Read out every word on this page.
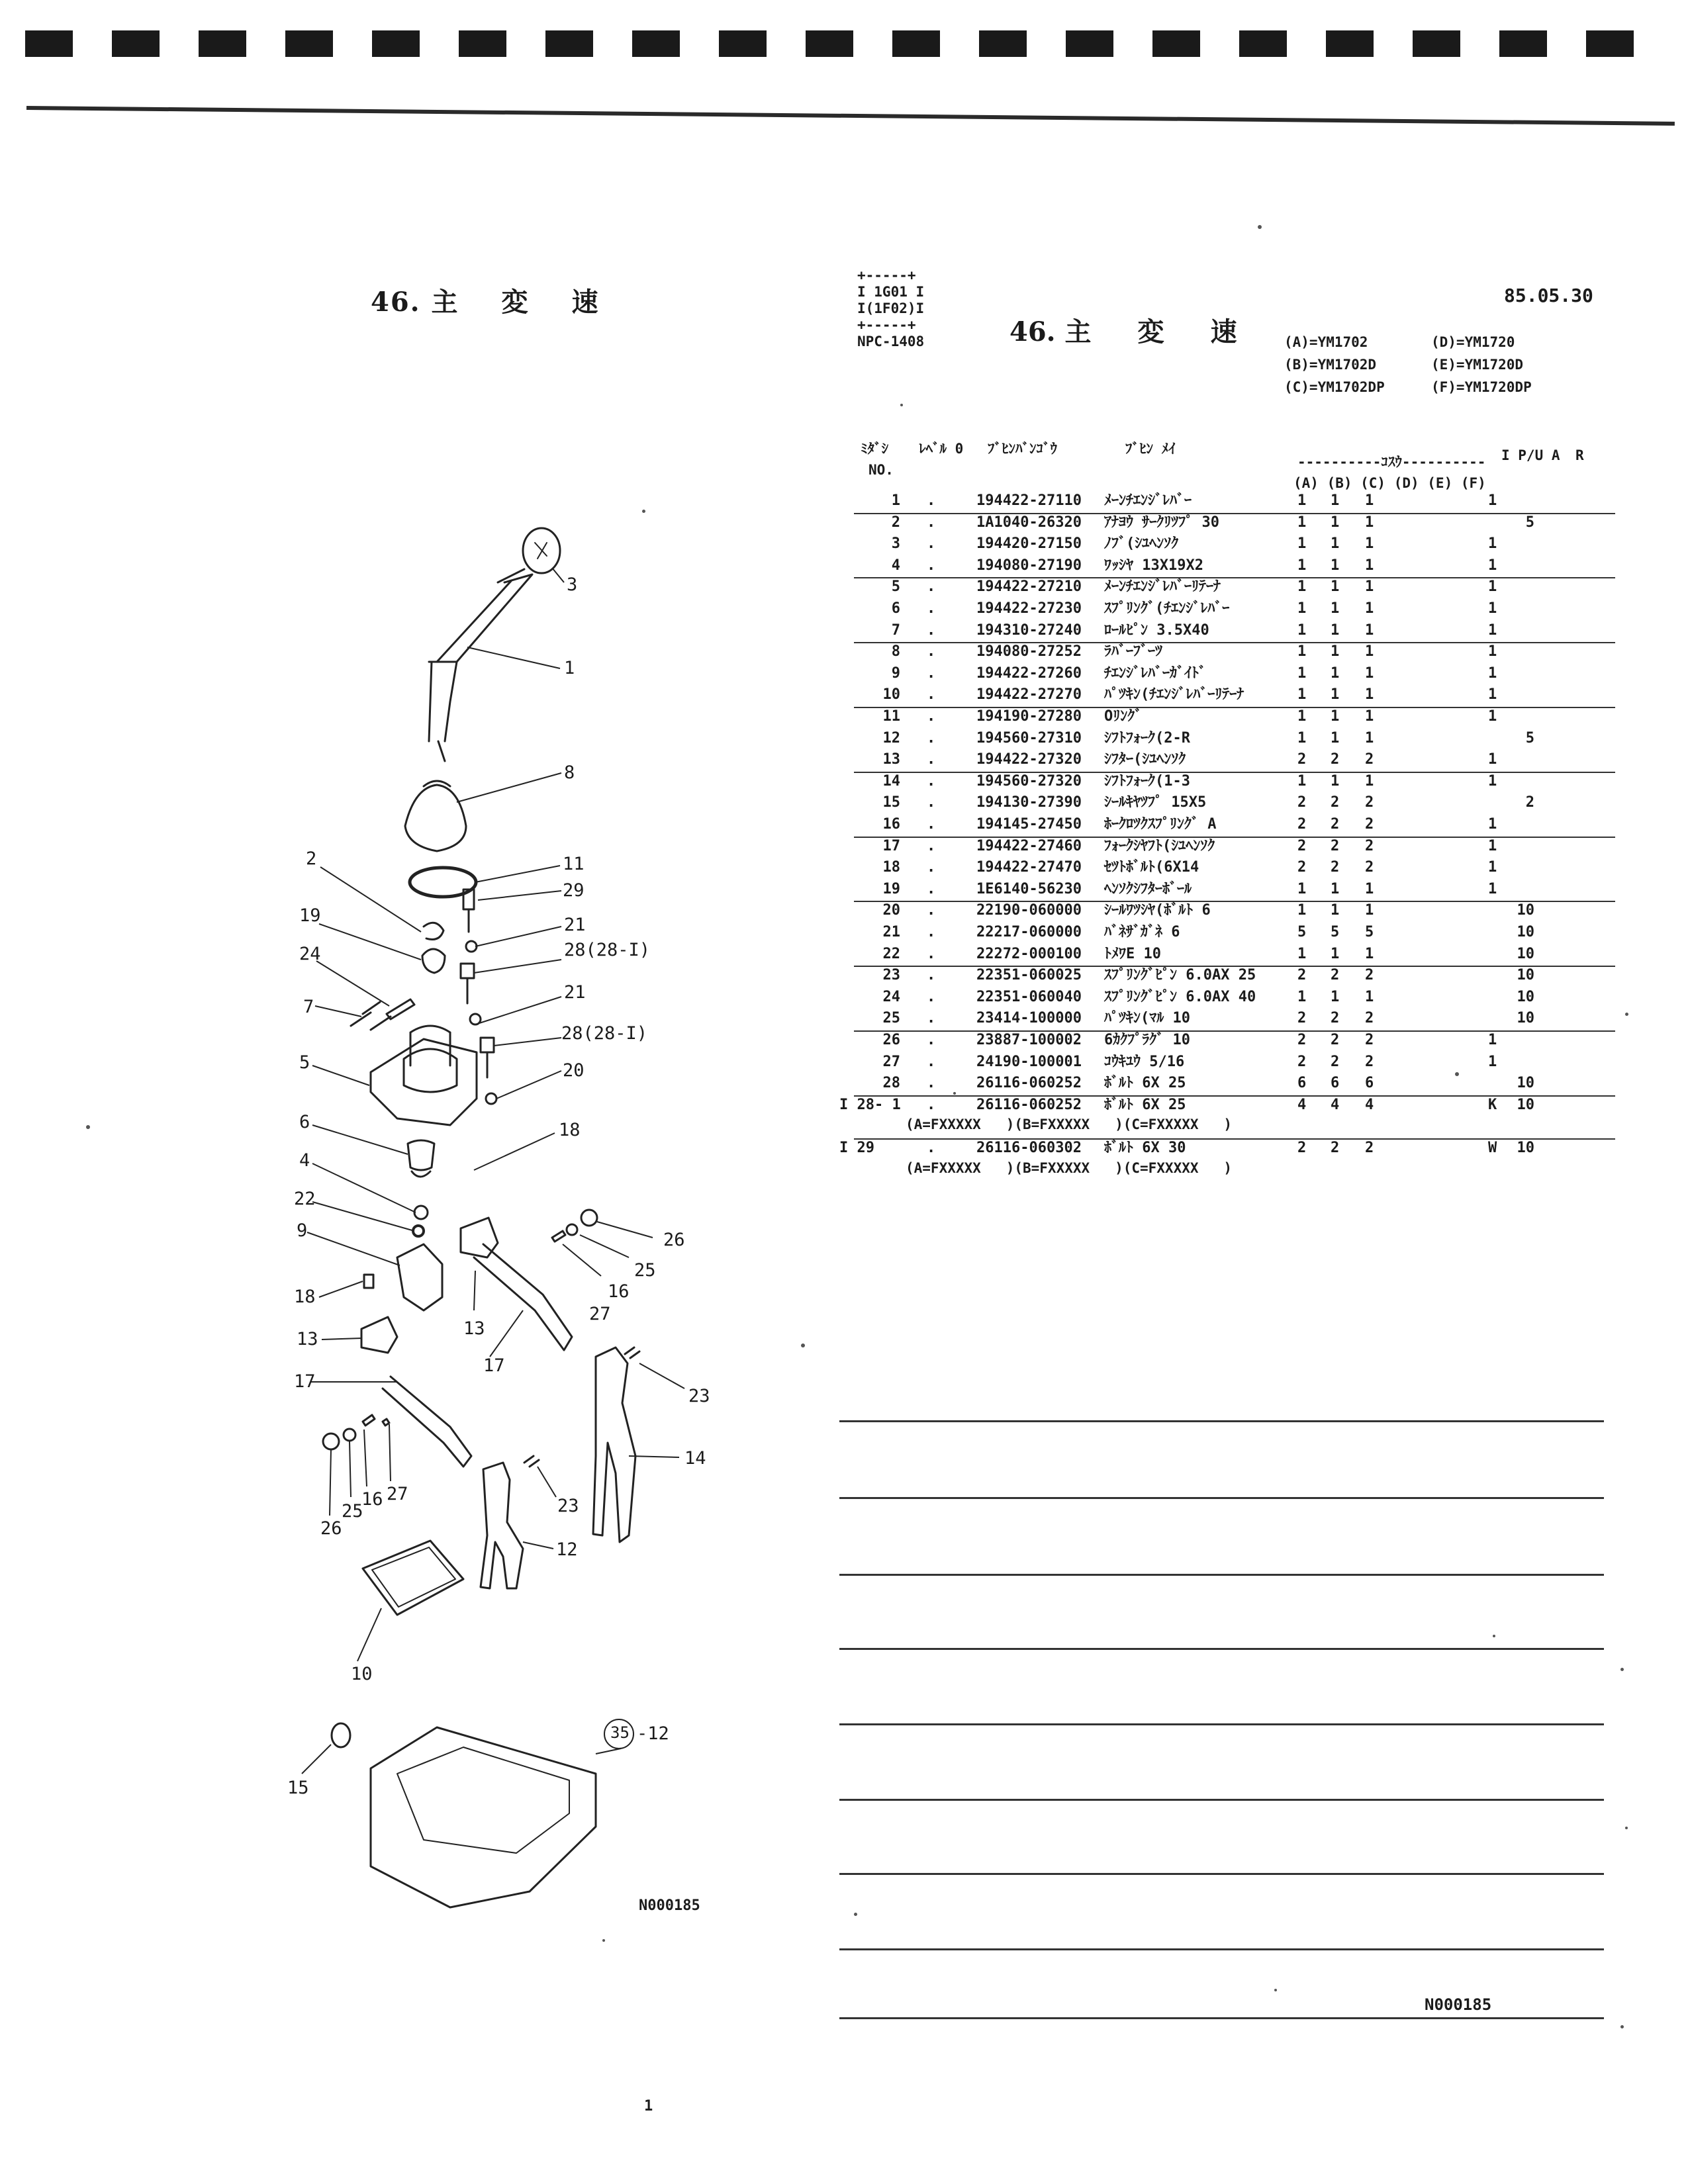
46. 主 変 速
3
1
8
11
2
29
19	21
24	28(28-I)
7
21
28(28-I)
5	20
6	18
4
22
9	26
25
16
18
27
13
13
17
17
23
14
23
26
25
16 27
12
10
15
35 -12
N000185
+-----+
I 1G01 I
I(1F02)I
+-----+
NPC-1408	46. 主 変 速
85.05.30
(A)=YM1702	(D)=YM1720
(B)=YM1702D	(E)=YM1720D
(C)=YM1702DP	(F)=YM1720DP
ﾐﾀﾞｼ ﾚﾍﾞﾙ 0 ﾌﾞﾋﾝﾊﾞﾝｺﾞｳ	ﾌﾞﾋﾝ ﾒｲ
----------ｺｽｳ---------- I P/U A R
NO.
(A) (B) (C) (D) (E) (F)
1 .	194422-27110 ﾒｰﾝﾁｴﾝｼﾞﾚﾊﾞｰ	1 1 1	1
2 .	1A1040-26320 ｱﾅﾖｳ ｻｰｸﾘﾂﾌﾟ 30	1 1 1	5
3 .	194420-27150 ﾉﾌﾞ(ｼﾕﾍﾝｿｸ	1 1 1	1
4 .	194080-27190 ﾜｯｼﾔ 13X19X2	1 1 1	1
5 .	194422-27210 ﾒｰﾝﾁｴﾝｼﾞﾚﾊﾞｰﾘﾃｰﾅ	1 1 1	1
6 .	194422-27230 ｽﾌﾟﾘﾝｸﾞ(ﾁｴﾝｼﾞﾚﾊﾞｰ	1 1 1	1
7 .	194310-27240 ﾛｰﾙﾋﾟﾝ 3.5X40	1 1 1	1
8 .	194080-27252 ﾗﾊﾞｰﾌﾞｰﾂ	1 1 1	1
9 .	194422-27260 ﾁｴﾝｼﾞﾚﾊﾞｰｶﾞｲﾄﾞ	1 1 1	1
10 .	194422-27270 ﾊﾟﾂｷﾝ(ﾁｴﾝｼﾞﾚﾊﾞｰﾘﾃｰﾅ	1 1 1	1
11 .	194190-27280 Oﾘﾝｸﾞ	1 1 1	1
12 .	194560-27310 ｼﾌﾄﾌｫｰｸ(2-R	1 1 1	5
13 .	194422-27320 ｼﾌﾀｰ(ｼﾕﾍﾝｿｸ	2 2 2	1
14 .	194560-27320 ｼﾌﾄﾌｫｰｸ(1-3	1 1 1	1
15 .	194130-27390 ｼｰﾙｷﾔﾂﾌﾟ 15X5	2 2 2	2
16 .	194145-27450 ﾎｰｸﾛﾂｸｽﾌﾟﾘﾝｸﾞ A	2 2 2	1
17 .	194422-27460 ﾌｫｰｸｼﾔﾌﾄ(ｼﾕﾍﾝｿｸ	2 2 2	1
18 .	194422-27470 ｾﾂﾄﾎﾞﾙﾄ(6X14	2 2 2	1
19 .	1E6140-56230 ﾍﾝｿｸｼﾌﾀｰﾎﾞｰﾙ	1 1 1	1
20 .	22190-060000 ｼｰﾙﾜﾂｼﾔ(ﾎﾞﾙﾄ 6	1 1 1	10
21 .	22217-060000 ﾊﾞﾈｻﾞｶﾞﾈ 6	5 5 5	10
22 .	22272-000100 ﾄﾒﾜE 10	1 1 1	10
23 .	22351-060025 ｽﾌﾟﾘﾝｸﾞﾋﾟﾝ 6.0AX 25	2 2 2	10
24 .	22351-060040 ｽﾌﾟﾘﾝｸﾞﾋﾟﾝ 6.0AX 40	1 1 1	10
25 .	23414-100000 ﾊﾟﾂｷﾝ(ﾏﾙ 10	2 2 2	10
26 .	23887-100002 6ｶｸﾌﾟﾗｸﾞ 10	2 2 2	1
27 .	24190-100001 ｺｳｷﾕｳ 5/16	2 2 2	1
28 .	26116-060252 ﾎﾞﾙﾄ 6X 25	6 6 6	10
I 28- 1 .	26116-060252 ﾎﾞﾙﾄ 6X 25	4 4 4	K 10
(A=FXXXXX   )(B=FXXXXX   )(C=FXXXXX   )
I 29	.	26116-060302 ﾎﾞﾙﾄ 6X 30	2 2 2	W 10
(A=FXXXXX   )(B=FXXXXX   )(C=FXXXXX   )
N000185
1
